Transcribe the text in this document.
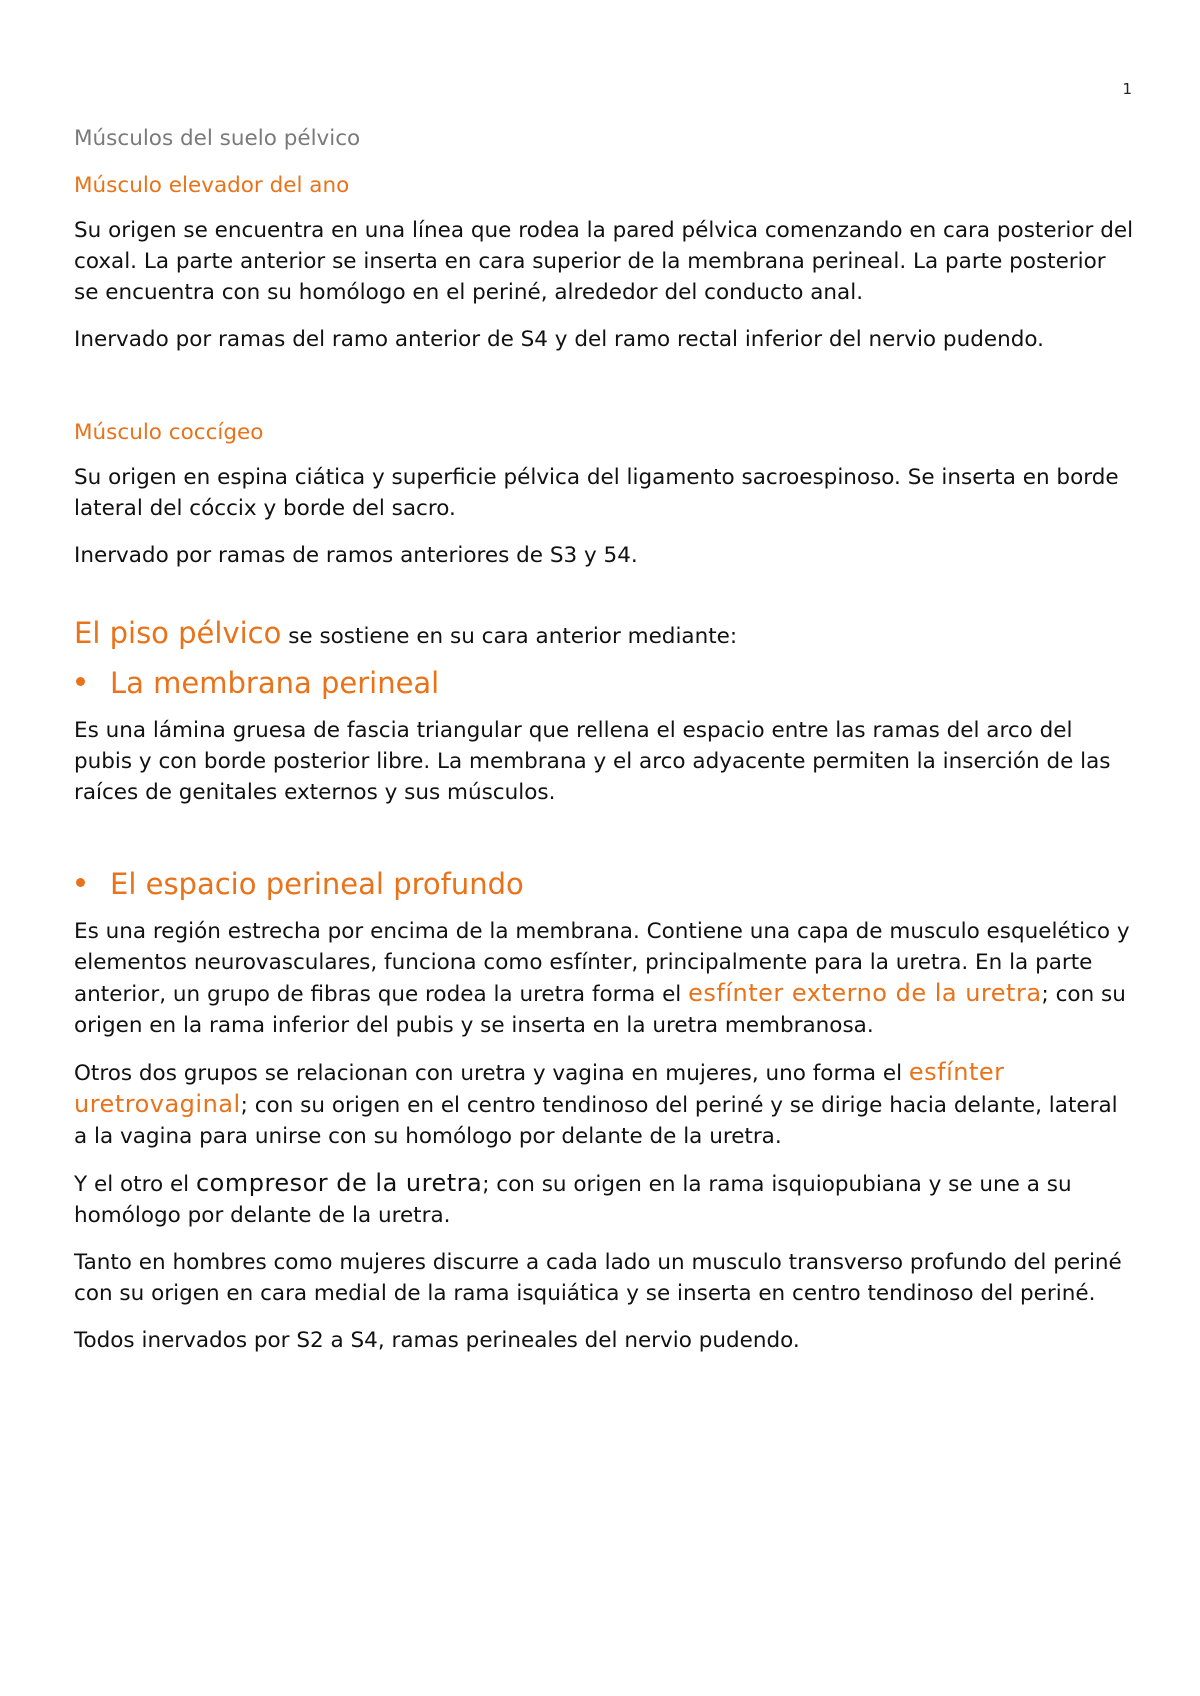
1

Músculos del suelo pélvico

Músculo elevador del ano

Su origen se encuentra en una línea que rodea la pared pélvica comenzando en cara posterior del coxal. La parte anterior se inserta en cara superior de la membrana perineal. La parte posterior se encuentra con su homólogo en el periné, alrededor del conducto anal.

Inervado por ramas del ramo anterior de S4 y del ramo rectal inferior del nervio pudendo.

Músculo coccígeo

Su origen en espina ciática y superficie pélvica del ligamento sacroespinoso. Se inserta en borde lateral del cóccix y borde del sacro.

Inervado por ramas de ramos anteriores de S3 y 54.

El piso pélvico se sostiene en su cara anterior mediante:

La membrana perineal

Es una lámina gruesa de fascia triangular que rellena el espacio entre las ramas del arco del pubis y con borde posterior libre. La membrana y el arco adyacente permiten la inserción de las raíces de genitales externos y sus músculos.

El espacio perineal profundo

Es una región estrecha por encima de la membrana. Contiene una capa de musculo esquelético y elementos neurovasculares, funciona como esfínter, principalmente para la uretra. En la parte anterior, un grupo de fibras que rodea la uretra forma el esfínter externo de la uretra; con su origen en la rama inferior del pubis y se inserta en la uretra membranosa.

Otros dos grupos se relacionan con uretra y vagina en mujeres, uno forma el esfínter uretrovaginal; con su origen en el centro tendinoso del periné y se dirige hacia delante, lateral a la vagina para unirse con su homólogo por delante de la uretra.

Y el otro el compresor de la uretra; con su origen en la rama isquiopubiana y se une a su homólogo por delante de la uretra.

Tanto en hombres como mujeres discurre a cada lado un musculo transverso profundo del periné con su origen en cara medial de la rama isquiática y se inserta en centro tendinoso del periné.

Todos inervados por S2 a S4, ramas perineales del nervio pudendo.
